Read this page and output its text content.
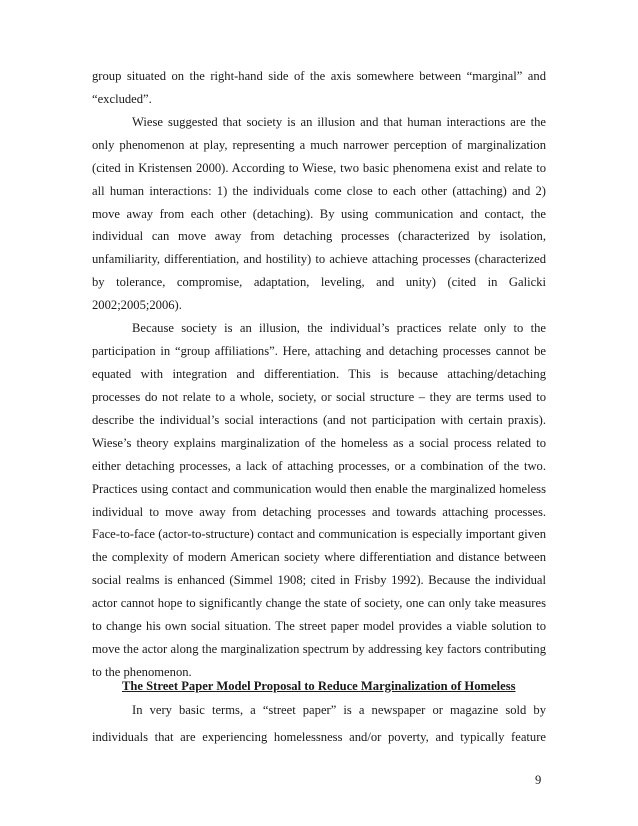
group situated on the right-hand side of the axis somewhere between “marginal” and
“excluded”.
Wiese suggested that society is an illusion and that human interactions are the
only phenomenon at play, representing a much narrower perception of marginalization
(cited in Kristensen 2000). According to Wiese, two basic phenomena exist and relate to
all human interactions: 1) the individuals come close to each other (attaching) and 2)
move away from each other (detaching). By using communication and contact, the
individual can move away from detaching processes (characterized by isolation,
unfamiliarity, differentiation, and hostility) to achieve attaching processes (characterized
by tolerance, compromise, adaptation, leveling, and unity) (cited in Galicki
2002;2005;2006).
Because society is an illusion, the individual’s practices relate only to the
participation in “group affiliations”. Here, attaching and detaching processes cannot be
equated with integration and differentiation. This is because attaching/detaching
processes do not relate to a whole, society, or social structure – they are terms used to
describe the individual’s social interactions (and not participation with certain praxis).
Wiese’s theory explains marginalization of the homeless as a social process related to
either detaching processes, a lack of attaching processes, or a combination of the two.
Practices using contact and communication would then enable the marginalized homeless
individual to move away from detaching processes and towards attaching processes.
Face-to-face (actor-to-structure) contact and communication is especially important given
the complexity of modern American society where differentiation and distance between
social realms is enhanced (Simmel 1908; cited in Frisby 1992). Because the individual
actor cannot hope to significantly change the state of society, one can only take measures
to change his own social situation. The street paper model provides a viable solution to
move the actor along the marginalization spectrum by addressing key factors contributing
to the phenomenon.
The Street Paper Model Proposal to Reduce Marginalization of Homeless
In very basic terms, a “street paper” is a newspaper or magazine sold by
individuals that are experiencing homelessness and/or poverty, and typically feature
9
